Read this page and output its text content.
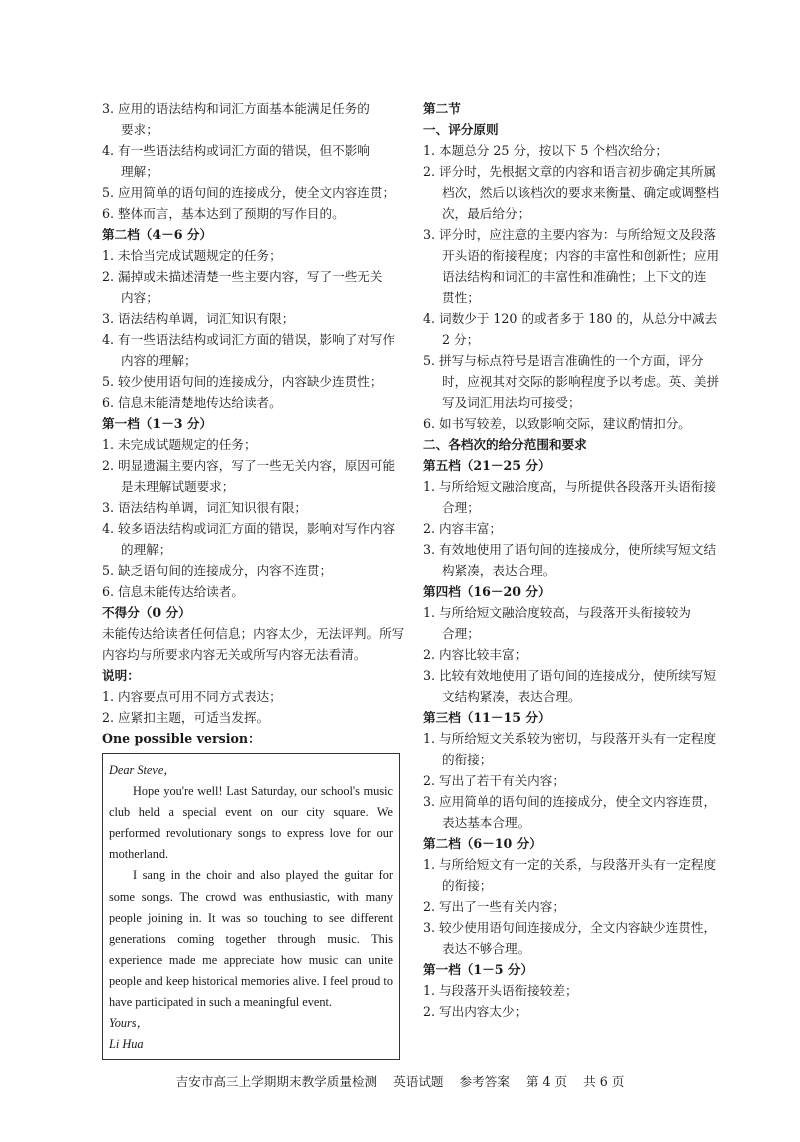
3. 应用的语法结构和词汇方面基本能满足任务的
要求；
4. 有一些语法结构或词汇方面的错误，但不影响
理解；
5. 应用简单的语句间的连接成分，使全文内容连贯；
6. 整体而言，基本达到了预期的写作目的。
第二档（4－6 分）
1. 未恰当完成试题规定的任务；
2. 漏掉或未描述清楚一些主要内容，写了一些无关
内容；
3. 语法结构单调，词汇知识有限；
4. 有一些语法结构或词汇方面的错误，影响了对写作
内容的理解；
5. 较少使用语句间的连接成分，内容缺少连贯性；
6. 信息未能清楚地传达给读者。
第一档（1－3 分）
1. 未完成试题规定的任务；
2. 明显遗漏主要内容，写了一些无关内容，原因可能
是未理解试题要求；
3. 语法结构单调，词汇知识很有限；
4. 较多语法结构或词汇方面的错误，影响对写作内容
的理解；
5. 缺乏语句间的连接成分，内容不连贯；
6. 信息未能传达给读者。
不得分（0 分）
未能传达给读者任何信息；内容太少，无法评判。所写
内容均与所要求内容无关或所写内容无法看清。
说明：
1. 内容要点可用不同方式表达；
2. 应紧扣主题，可适当发挥。
One possible version：

Dear Steve，

Hope you're well! Last Saturday, our school's music club held a special event on our city square. We performed revolutionary songs to express love for our motherland.

I sang in the choir and also played the guitar for some songs. The crowd was enthusiastic, with many people joining in. It was so touching to see different generations coming together through music. This experience made me appreciate how music can unite people and keep historical memories alive. I feel proud to have participated in such a meaningful event.

Yours，

Li Hua

第二节
一、评分原则
1. 本题总分 25 分，按以下 5 个档次给分；
2. 评分时，先根据文章的内容和语言初步确定其所属
档次，然后以该档次的要求来衡量、确定或调整档
次，最后给分；
3. 评分时，应注意的主要内容为：与所给短文及段落
开头语的衔接程度；内容的丰富性和创新性；应用
语法结构和词汇的丰富性和准确性；上下文的连
贯性；
4. 词数少于 120 的或者多于 180 的，从总分中减去
2 分；
5. 拼写与标点符号是语言准确性的一个方面，评分
时，应视其对交际的影响程度予以考虑。英、美拼
写及词汇用法均可接受；
6. 如书写较差，以致影响交际，建议酌情扣分。
二、各档次的给分范围和要求
第五档（21－25 分）
1. 与所给短文融洽度高，与所提供各段落开头语衔接
合理；
2. 内容丰富；
3. 有效地使用了语句间的连接成分，使所续写短文结
构紧凑，表达合理。
第四档（16－20 分）
1. 与所给短文融洽度较高，与段落开头衔接较为
合理；
2. 内容比较丰富；
3. 比较有效地使用了语句间的连接成分，使所续写短
文结构紧凑，表达合理。
第三档（11－15 分）
1. 与所给短文关系较为密切，与段落开头有一定程度
的衔接；
2. 写出了若干有关内容；
3. 应用简单的语句间的连接成分，使全文内容连贯，
表达基本合理。
第二档（6－10 分）
1. 与所给短文有一定的关系，与段落开头有一定程度
的衔接；
2. 写出了一些有关内容；
3. 较少使用语句间连接成分，全文内容缺少连贯性，
表达不够合理。
第一档（1－5 分）
1. 与段落开头语衔接较差；
2. 写出内容太少；
吉安市高三上学期期末教学质量检测    英语试题    参考答案    第 4 页    共 6 页
